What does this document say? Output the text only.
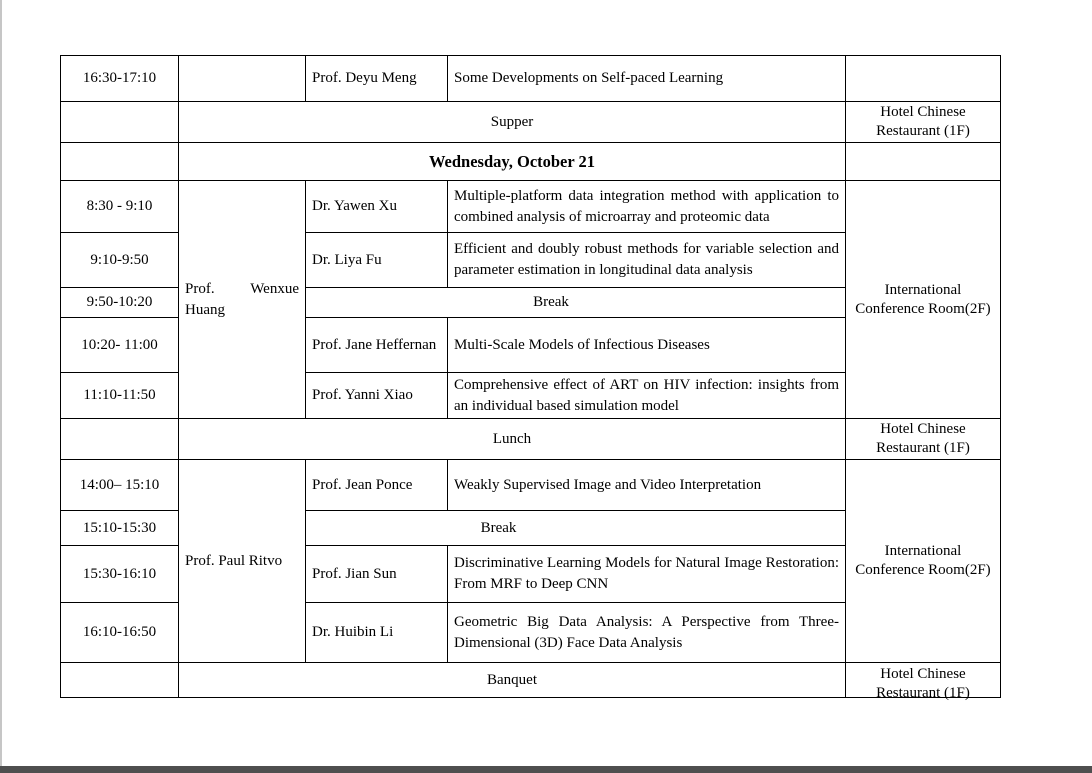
16:30-17:10		Prof. Deyu Meng	Some Developments on Self-paced Learning	
	Supper			Hotel Chinese Restaurant (1F)
	Wednesday, October 21			
8:30 - 9:10	Prof. Wenxue Huang	Dr. Yawen Xu	Multiple-platform data integration method with application to combined analysis of microarray and proteomic data	International Conference Room(2F)
9:10-9:50		Dr. Liya Fu	Efficient and doubly robust methods for variable selection and parameter estimation in longitudinal data analysis	
9:50-10:20		Break		
10:20- 11:00		Prof. Jane Heffernan	Multi-Scale Models of Infectious Diseases	
11:10-11:50		Prof. Yanni Xiao	Comprehensive effect of ART on HIV infection: insights from an individual based simulation model	
	Lunch			Hotel Chinese Restaurant (1F)
14:00– 15:10	Prof. Paul Ritvo	Prof. Jean Ponce	Weakly Supervised Image and Video Interpretation	International Conference Room(2F)
15:10-15:30		Break		
15:30-16:10		Prof. Jian Sun	Discriminative Learning Models for Natural Image Restoration: From MRF to Deep CNN	
16:10-16:50		Dr. Huibin Li	Geometric Big Data Analysis: A Perspective from Three-Dimensional (3D) Face Data Analysis	
	Banquet			Hotel Chinese Restaurant (1F)
